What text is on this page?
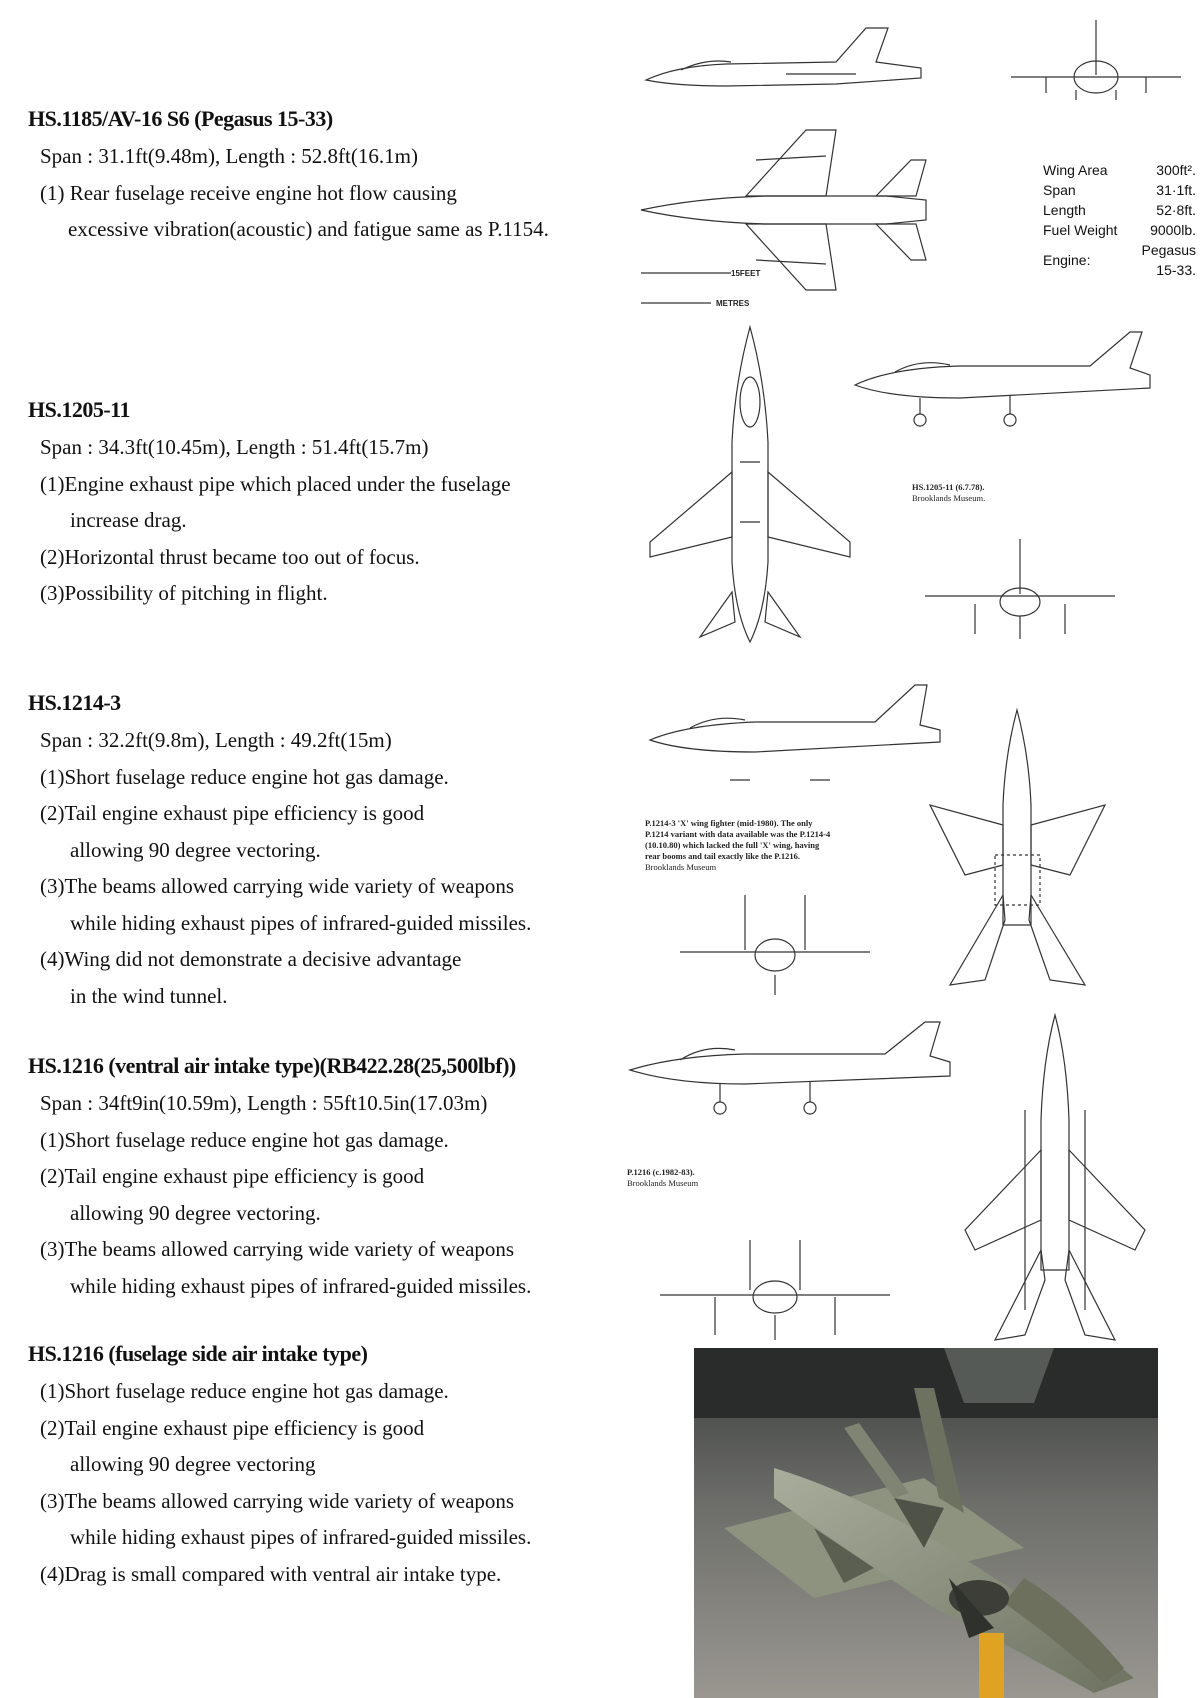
HS.1185/AV-16 S6 (Pegasus 15-33)
Span : 31.1ft(9.48m), Length : 52.8ft(16.1m)
(1) Rear fuselage receive engine hot flow causing
excessive vibration(acoustic) and fatigue same as P.1154.
15FEET
METRES
Wing Area	300ft².
Span	31·1ft.
Length	52·8ft.
Fuel Weight	9000lb.
Engine:	Pegasus 15-33.
HS.1205-11
Span : 34.3ft(10.45m), Length : 51.4ft(15.7m)
(1)Engine exhaust pipe which placed under the fuselage
increase drag.
(2)Horizontal thrust became too out of focus.
(3)Possibility of pitching in flight.
HS.1205-11 (6.7.78).
Brooklands Museum.
HS.1214-3
Span : 32.2ft(9.8m), Length : 49.2ft(15m)
(1)Short fuselage reduce engine hot gas damage.
(2)Tail engine exhaust pipe efficiency is good
allowing 90 degree vectoring.
(3)The beams allowed carrying wide variety of weapons
while hiding exhaust pipes of infrared-guided missiles.
(4)Wing did not demonstrate a decisive advantage
in the wind tunnel.
P.1214-3 'X' wing fighter (mid-1980). The only
P.1214 variant with data available was the P.1214-4
(10.10.80) which lacked the full 'X' wing, having
rear booms and tail exactly like the P.1216.
Brooklands Museum
HS.1216 (ventral air intake type)(RB422.28(25,500lbf))
Span : 34ft9in(10.59m), Length : 55ft10.5in(17.03m)
(1)Short fuselage reduce engine hot gas damage.
(2)Tail engine exhaust pipe efficiency is good
allowing 90 degree vectoring.
(3)The beams allowed carrying wide variety of weapons
while hiding exhaust pipes of infrared-guided missiles.
P.1216 (c.1982-83).
Brooklands Museum
HS.1216 (fuselage side air intake type)
(1)Short fuselage reduce engine hot gas damage.
(2)Tail engine exhaust pipe efficiency is good
allowing 90 degree vectoring
(3)The beams allowed carrying wide variety of weapons
while hiding exhaust pipes of infrared-guided missiles.
(4)Drag is small compared with ventral air intake type.
